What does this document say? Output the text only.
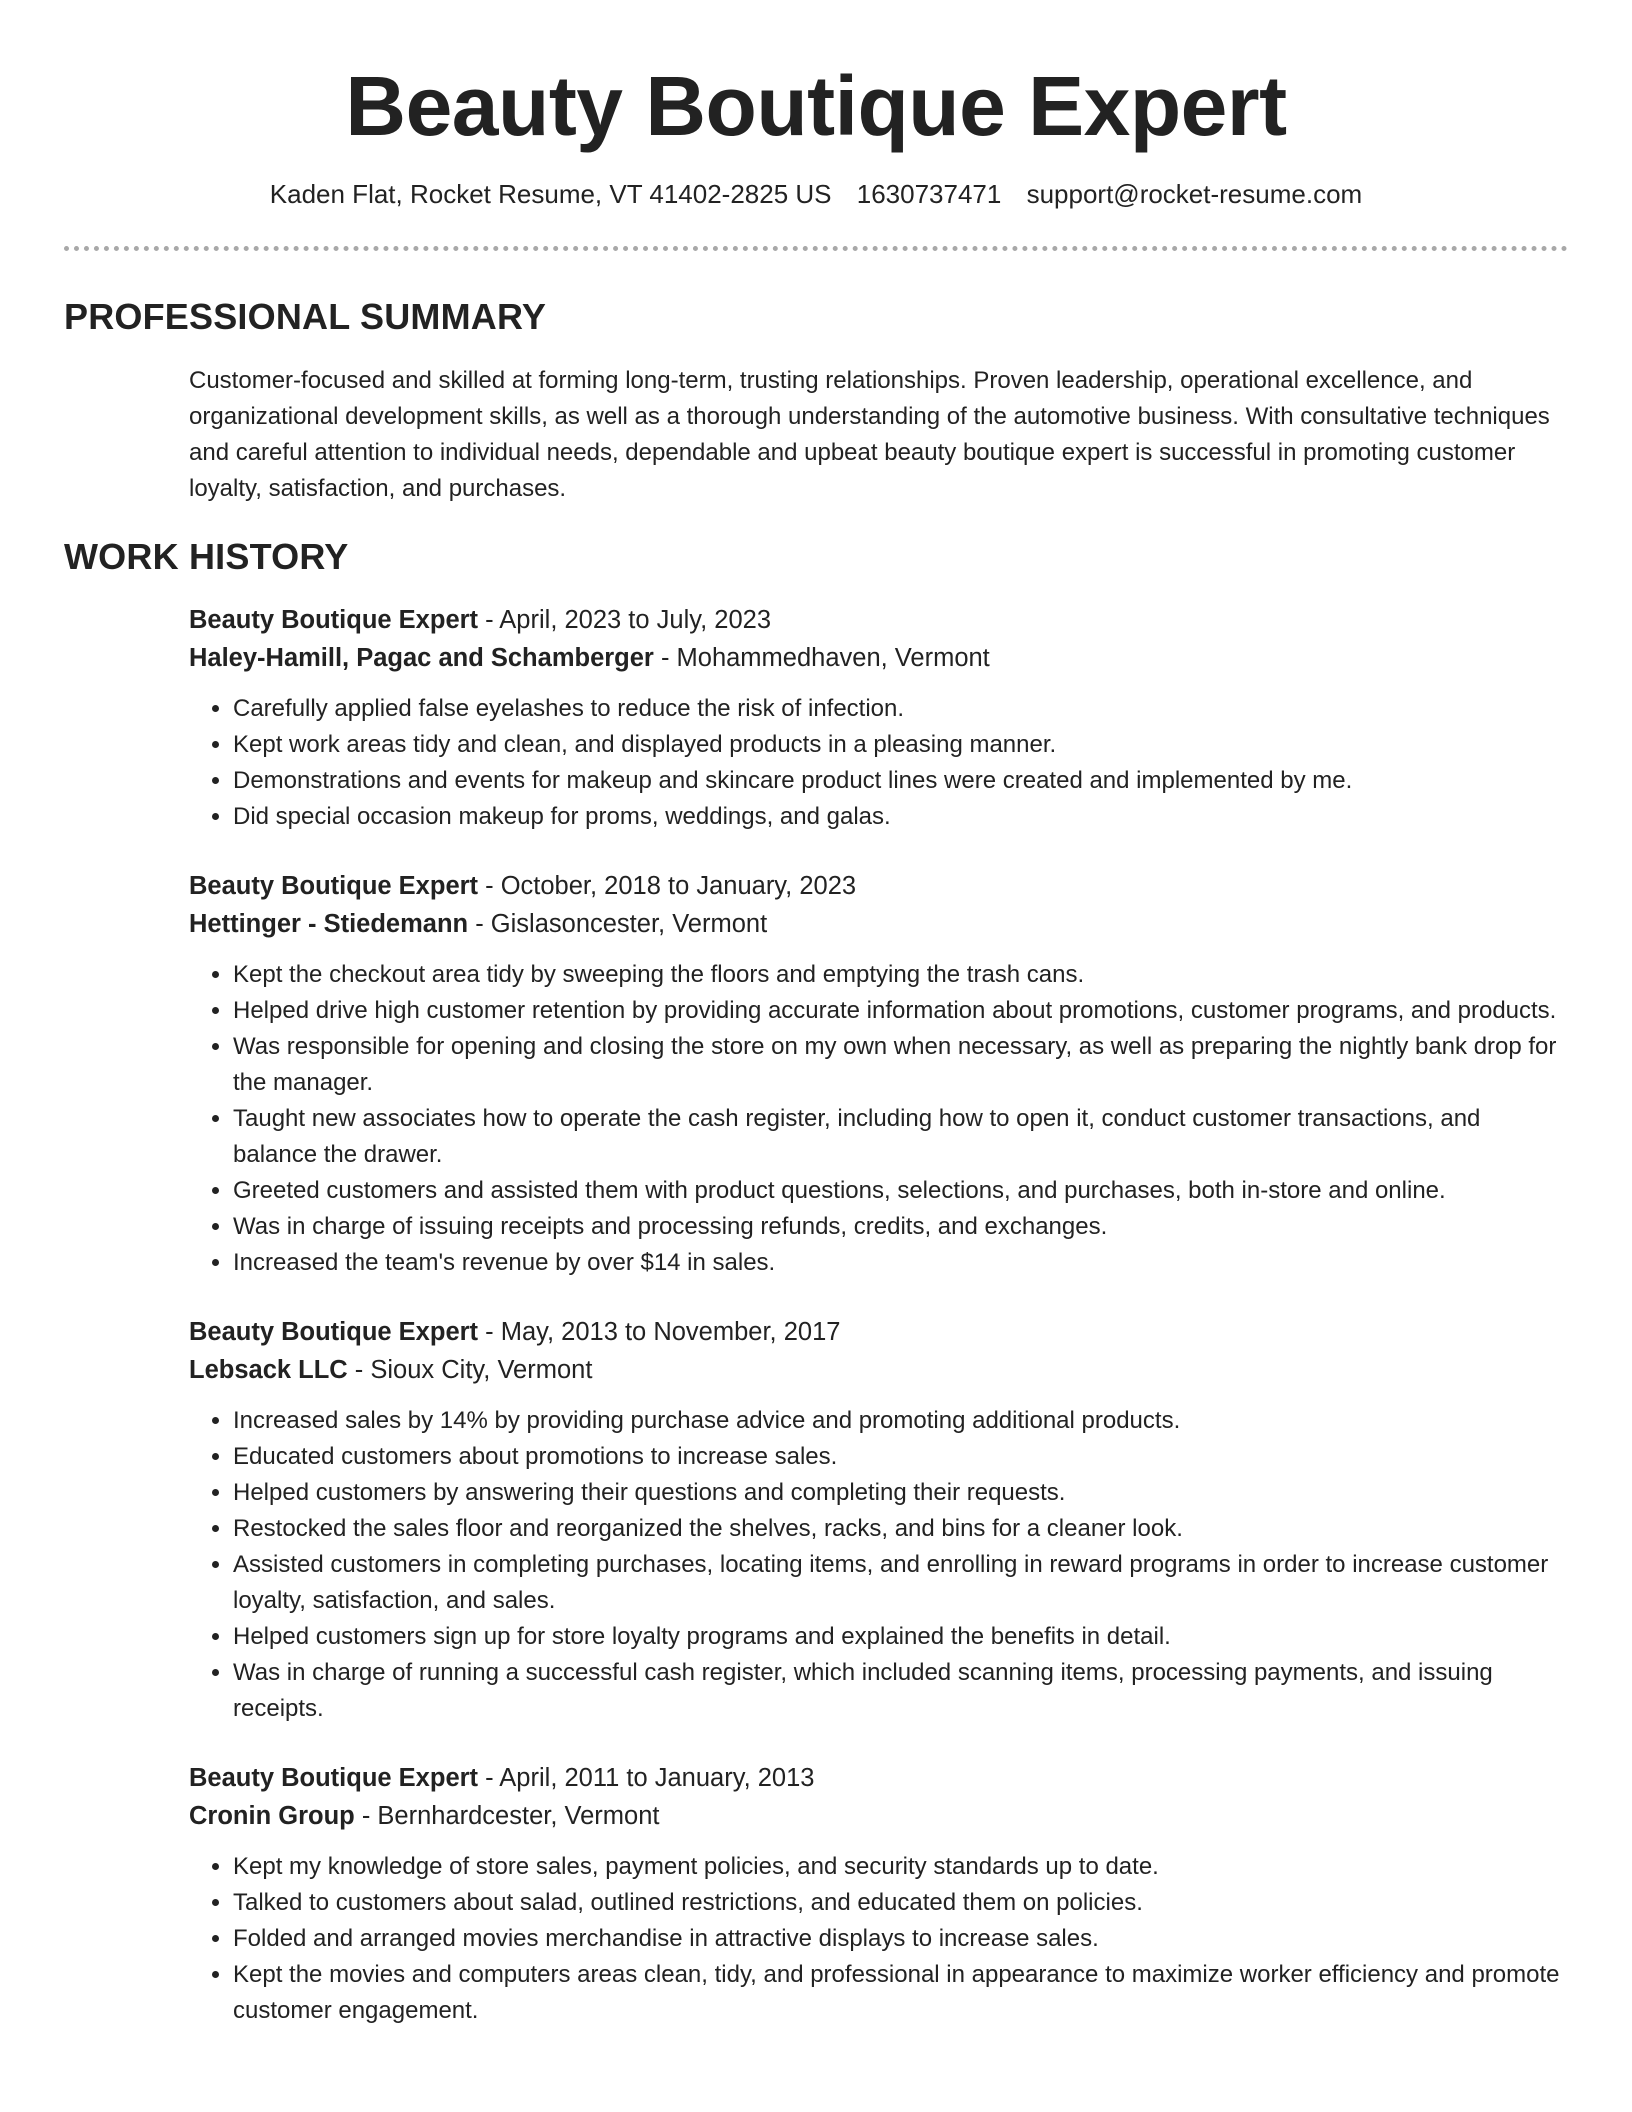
Beauty Boutique Expert
Kaden Flat, Rocket Resume, VT 41402-2825 US 1630737471 support@rocket-resume.com
PROFESSIONAL SUMMARY

Customer-focused and skilled at forming long-term, trusting relationships. Proven leadership, operational excellence, and organizational development skills, as well as a thorough understanding of the automotive business. With consultative techniques and careful attention to individual needs, dependable and upbeat beauty boutique expert is successful in promoting customer loyalty, satisfaction, and purchases.

WORK HISTORY
Beauty Boutique Expert - April, 2023 to July, 2023
Haley-Hamill, Pagac and Schamberger - Mohammedhaven, Vermont
• Carefully applied false eyelashes to reduce the risk of infection.
• Kept work areas tidy and clean, and displayed products in a pleasing manner.
• Demonstrations and events for makeup and skincare product lines were created and implemented by me.
• Did special occasion makeup for proms, weddings, and galas.
Beauty Boutique Expert - October, 2018 to January, 2023
Hettinger - Stiedemann - Gislasoncester, Vermont
• Kept the checkout area tidy by sweeping the floors and emptying the trash cans.
• Helped drive high customer retention by providing accurate information about promotions, customer programs, and products.
• Was responsible for opening and closing the store on my own when necessary, as well as preparing the nightly bank drop for the manager.
• Taught new associates how to operate the cash register, including how to open it, conduct customer transactions, and balance the drawer.
• Greeted customers and assisted them with product questions, selections, and purchases, both in-store and online.
• Was in charge of issuing receipts and processing refunds, credits, and exchanges.
• Increased the team's revenue by over $14 in sales.
Beauty Boutique Expert - May, 2013 to November, 2017
Lebsack LLC - Sioux City, Vermont
• Increased sales by 14% by providing purchase advice and promoting additional products.
• Educated customers about promotions to increase sales.
• Helped customers by answering their questions and completing their requests.
• Restocked the sales floor and reorganized the shelves, racks, and bins for a cleaner look.
• Assisted customers in completing purchases, locating items, and enrolling in reward programs in order to increase customer loyalty, satisfaction, and sales.
• Helped customers sign up for store loyalty programs and explained the benefits in detail.
• Was in charge of running a successful cash register, which included scanning items, processing payments, and issuing receipts.
Beauty Boutique Expert - April, 2011 to January, 2013
Cronin Group - Bernhardcester, Vermont
• Kept my knowledge of store sales, payment policies, and security standards up to date.
• Talked to customers about salad, outlined restrictions, and educated them on policies.
• Folded and arranged movies merchandise in attractive displays to increase sales.
• Kept the movies and computers areas clean, tidy, and professional in appearance to maximize worker efficiency and promote customer engagement.
